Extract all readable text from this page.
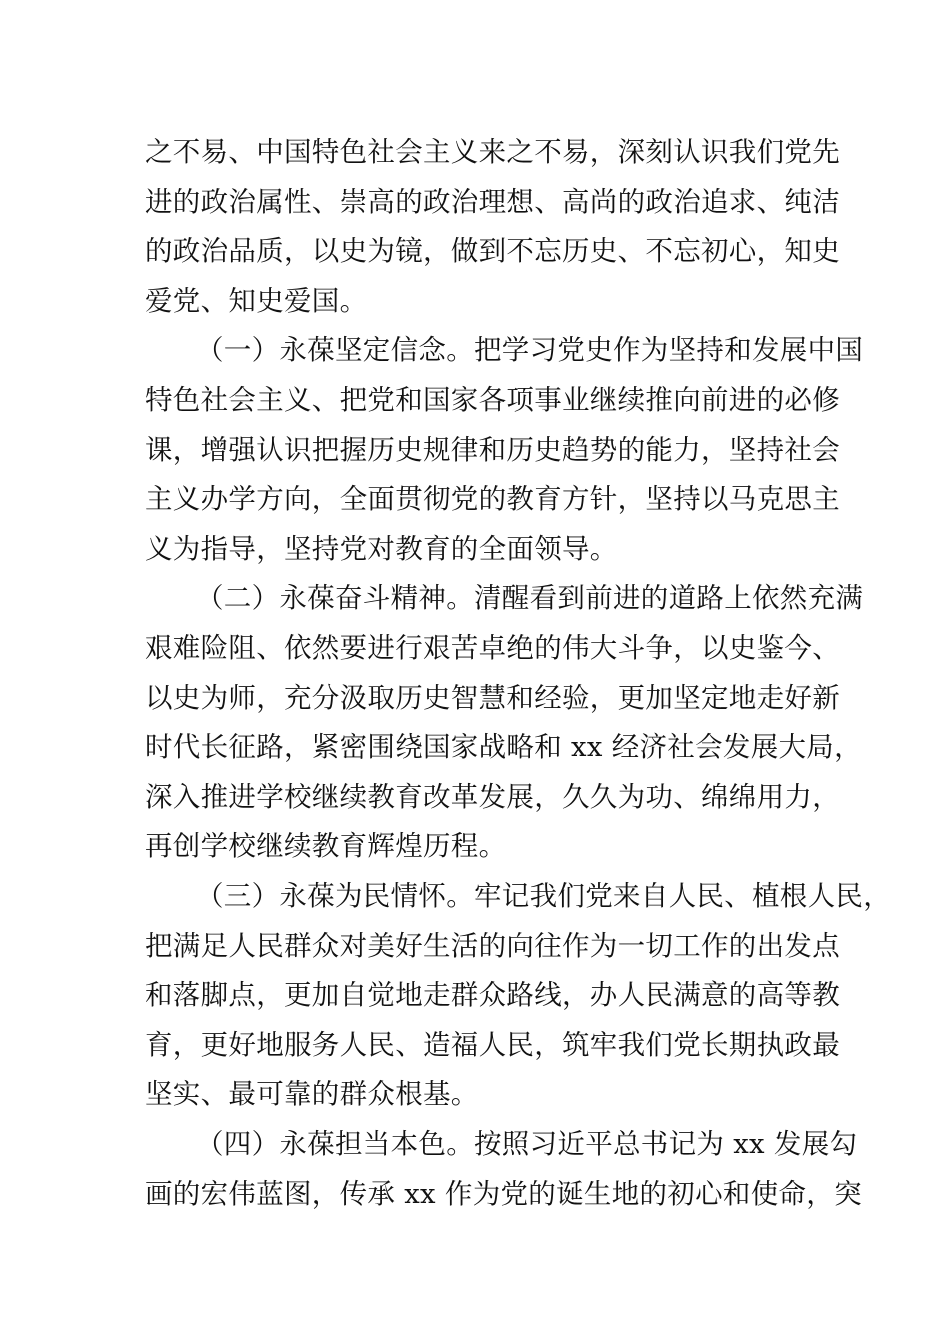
之不易、中国特色社会主义来之不易，深刻认识我们党先
进的政治属性、崇高的政治理想、高尚的政治追求、纯洁
的政治品质，以史为镜，做到不忘历史、不忘初心，知史
爱党、知史爱国。
（一）永葆坚定信念。把学习党史作为坚持和发展中国
特色社会主义、把党和国家各项事业继续推向前进的必修
课，增强认识把握历史规律和历史趋势的能力，坚持社会
主义办学方向，全面贯彻党的教育方针，坚持以马克思主
义为指导，坚持党对教育的全面领导。
（二）永葆奋斗精神。清醒看到前进的道路上依然充满
艰难险阻、依然要进行艰苦卓绝的伟大斗争，以史鉴今、
以史为师，充分汲取历史智慧和经验，更加坚定地走好新
时代长征路，紧密围绕国家战略和 xx 经济社会发展大局，
深入推进学校继续教育改革发展，久久为功、绵绵用力，
再创学校继续教育辉煌历程。
（三）永葆为民情怀。牢记我们党来自人民、植根人民，
把满足人民群众对美好生活的向往作为一切工作的出发点
和落脚点，更加自觉地走群众路线，办人民满意的高等教
育，更好地服务人民、造福人民，筑牢我们党长期执政最
坚实、最可靠的群众根基。
（四）永葆担当本色。按照习近平总书记为 xx 发展勾
画的宏伟蓝图，传承 xx 作为党的诞生地的初心和使命，突
